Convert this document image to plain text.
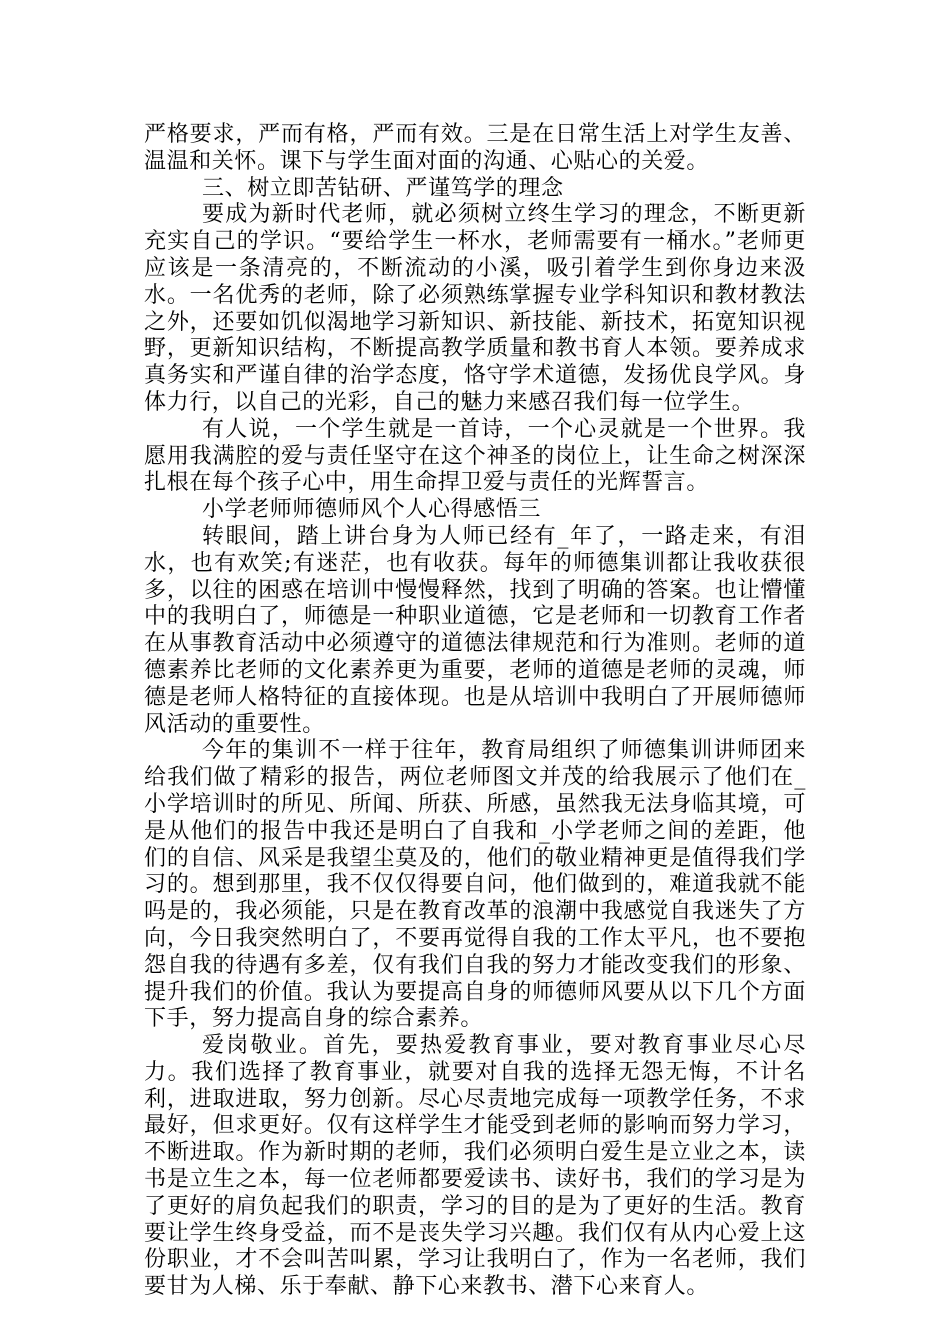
严格要求，严而有格，严而有效。三是在日常生活上对学生友善、温温和关怀。课下与学生面对面的沟通、心贴心的关爱。

三、树立即苦钻研、严谨笃学的理念

要成为新时代老师，就必须树立终生学习的理念，不断更新充实自己的学识。“要给学生一杯水，老师需要有一桶水。”老师更应该是一条清亮的，不断流动的小溪，吸引着学生到你身边来汲水。一名优秀的老师，除了必须熟练掌握专业学科知识和教材教法之外，还要如饥似渴地学习新知识、新技能、新技术，拓宽知识视野，更新知识结构，不断提高教学质量和教书育人本领。要养成求真务实和严谨自律的治学态度，恪守学术道德，发扬优良学风。身体力行，以自己的光彩，自己的魅力来感召我们每一位学生。

有人说，一个学生就是一首诗，一个心灵就是一个世界。我愿用我满腔的爱与责任坚守在这个神圣的岗位上，让生命之树深深扎根在每个孩子心中，用生命捍卫爱与责任的光辉誓言。

小学老师师德师风个人心得感悟三

转眼间，踏上讲台身为人师已经有_年了，一路走来，有泪水，也有欢笑;有迷茫，也有收获。每年的师德集训都让我收获很多，以往的困惑在培训中慢慢释然，找到了明确的答案。也让懵懂中的我明白了，师德是一种职业道德，它是老师和一切教育工作者在从事教育活动中必须遵守的道德法律规范和行为准则。老师的道德素养比老师的文化素养更为重要，老师的道德是老师的灵魂，师德是老师人格特征的直接体现。也是从培训中我明白了开展师德师风活动的重要性。

今年的集训不一样于往年，教育局组织了师德集训讲师团来给我们做了精彩的报告，两位老师图文并茂的给我展示了他们在_小学培训时的所见、所闻、所获、所感，虽然我无法身临其境，可是从他们的报告中我还是明白了自我和_小学老师之间的差距，他们的自信、风采是我望尘莫及的，他们的敬业精神更是值得我们学习的。想到那里，我不仅仅得要自问，他们做到的，难道我就不能吗是的，我必须能，只是在教育改革的浪潮中我感觉自我迷失了方向，今日我突然明白了，不要再觉得自我的工作太平凡，也不要抱怨自我的待遇有多差，仅有我们自我的努力才能改变我们的形象、提升我们的价值。我认为要提高自身的师德师风要从以下几个方面下手，努力提高自身的综合素养。

爱岗敬业。首先，要热爱教育事业，要对教育事业尽心尽力。我们选择了教育事业，就要对自我的选择无怨无悔，不计名利，进取进取，努力创新。尽心尽责地完成每一项教学任务，不求最好，但求更好。仅有这样学生才能受到老师的影响而努力学习，不断进取。作为新时期的老师，我们必须明白爱生是立业之本，读书是立生之本，每一位老师都要爱读书、读好书，我们的学习是为了更好的肩负起我们的职责，学习的目的是为了更好的生活。教育要让学生终身受益，而不是丧失学习兴趣。我们仅有从内心爱上这份职业，才不会叫苦叫累，学习让我明白了，作为一名老师，我们要甘为人梯、乐于奉献、静下心来教书、潜下心来育人。
